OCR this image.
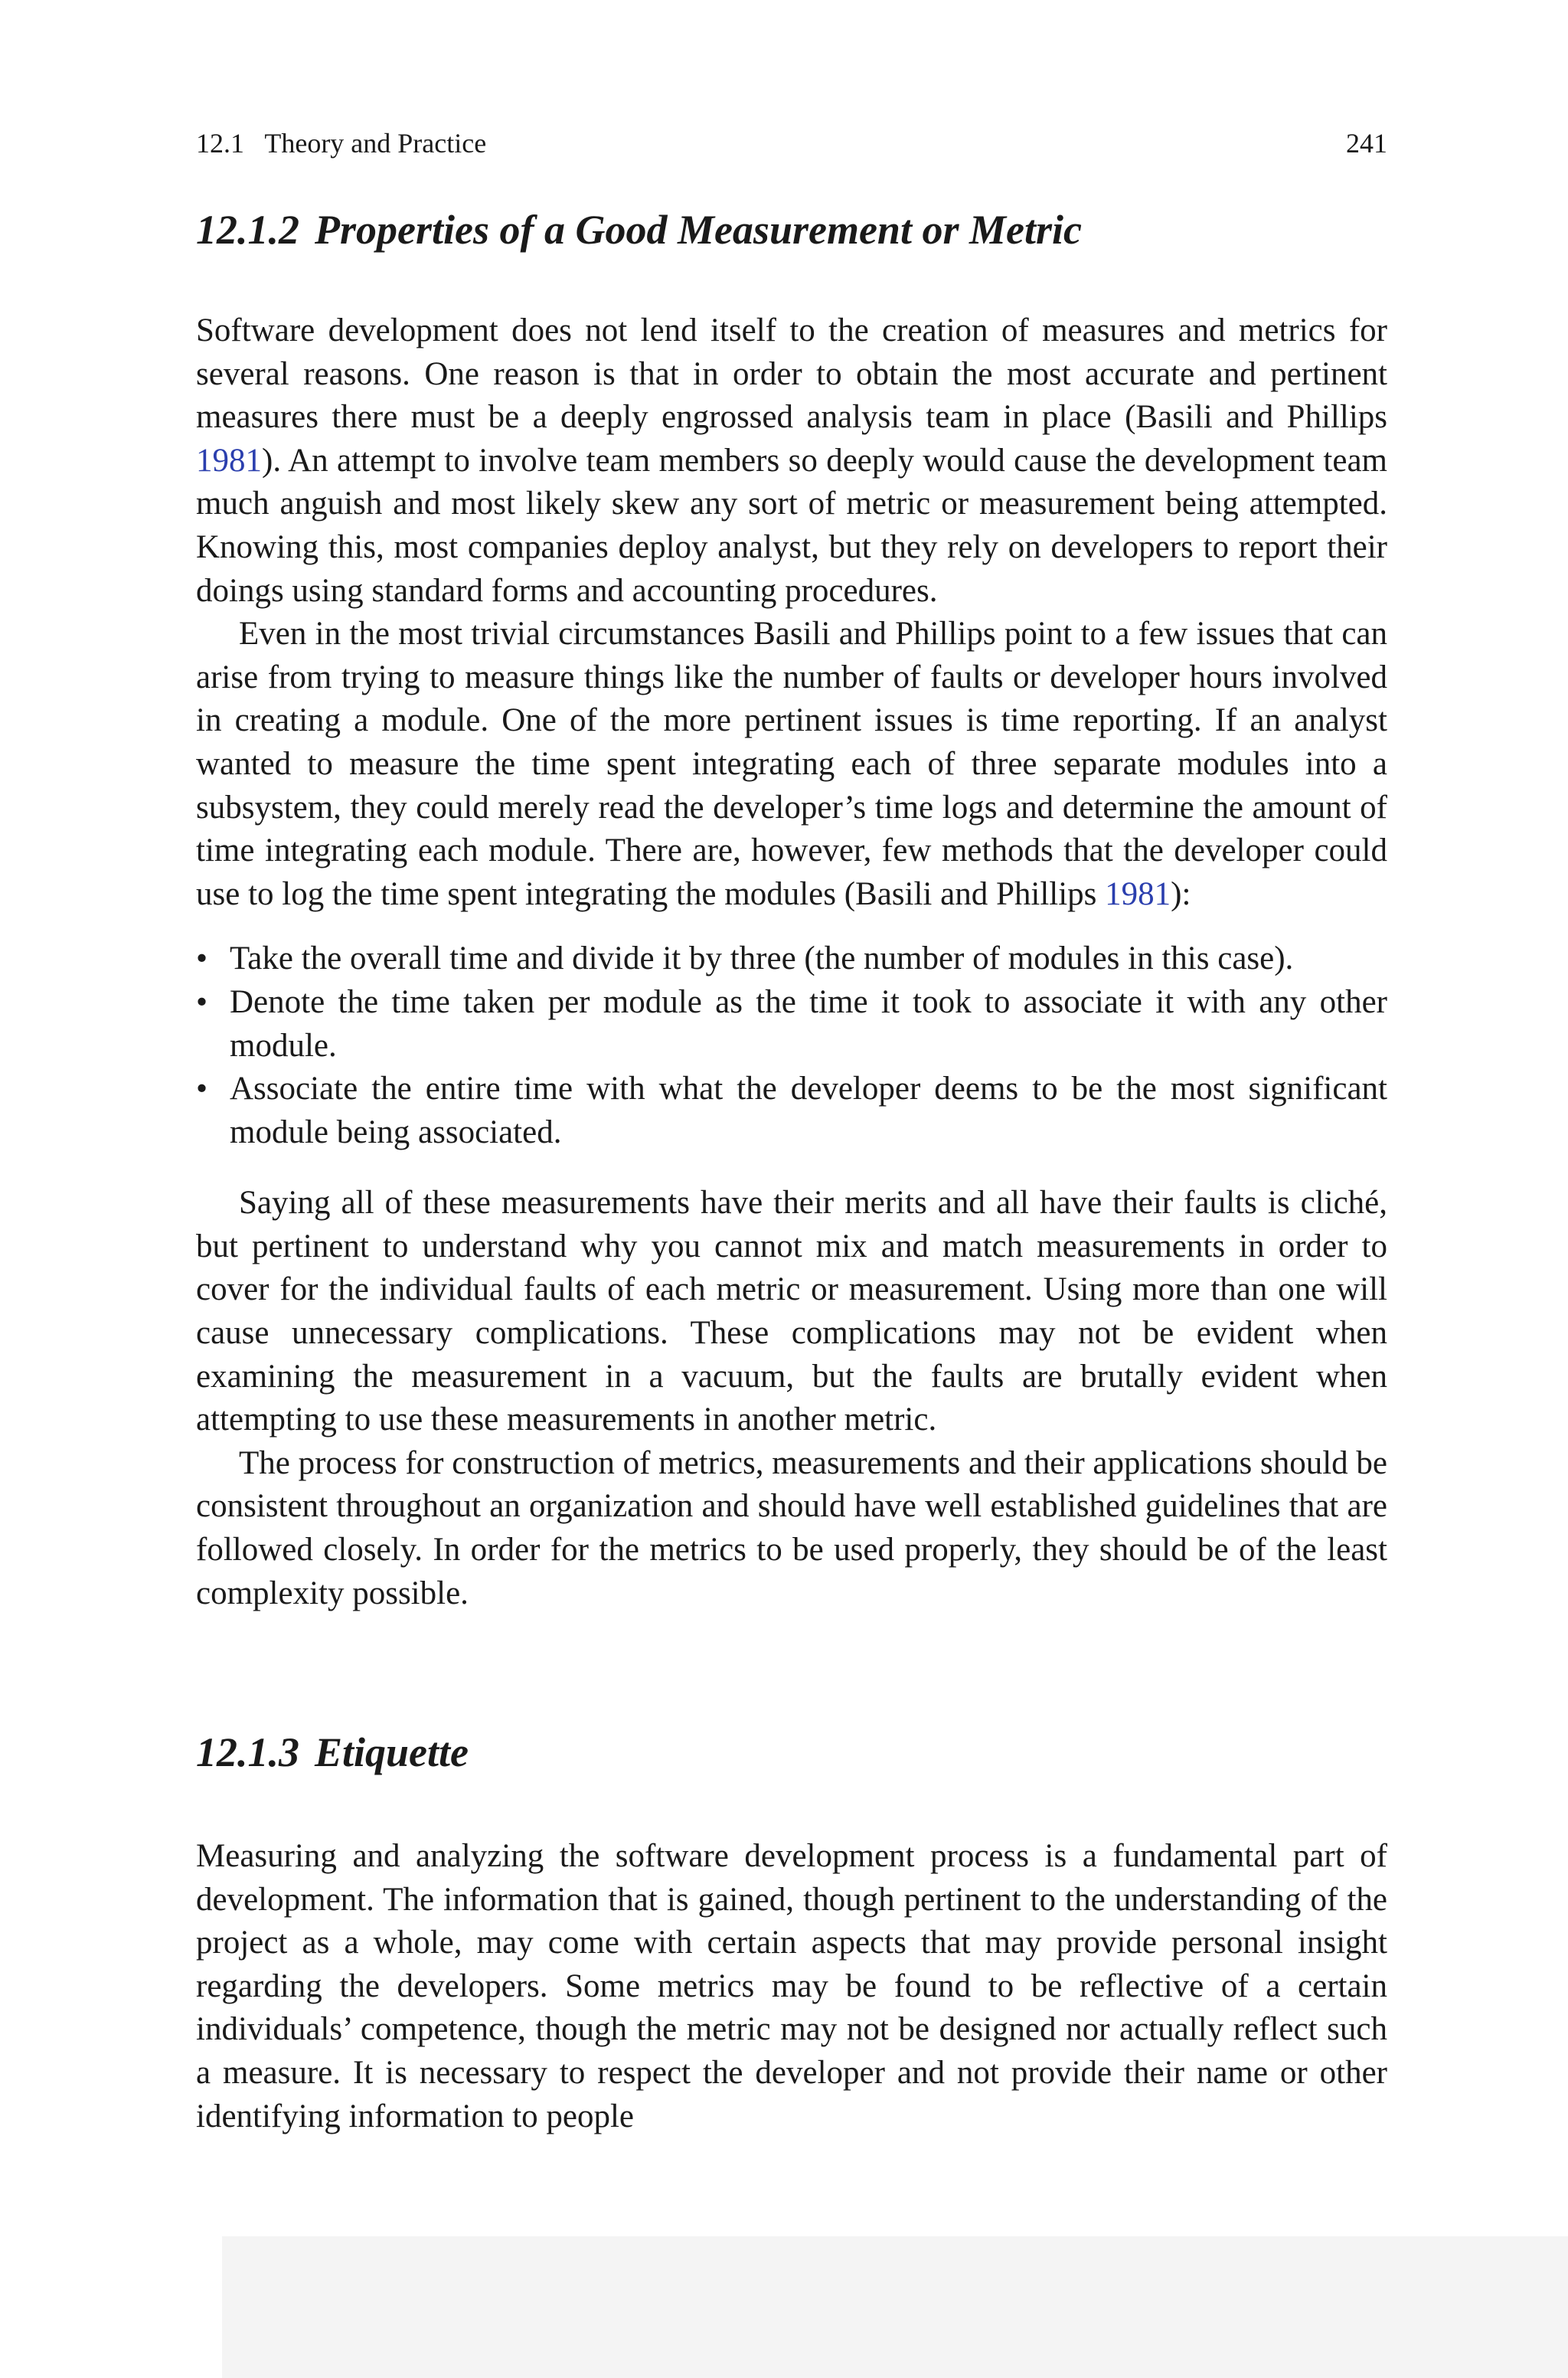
12.1   Theory and Practice	241
12.1.2 Properties of a Good Measurement or Metric

Software development does not lend itself to the creation of measures and metrics for several reasons. One reason is that in order to obtain the most accurate and pertinent measures there must be a deeply engrossed analysis team in place (Basili and Phillips 1981). An attempt to involve team members so deeply would cause the development team much anguish and most likely skew any sort of metric or measurement being attempted. Knowing this, most companies deploy analyst, but they rely on developers to report their doings using standard forms and accounting procedures.

Even in the most trivial circumstances Basili and Phillips point to a few issues that can arise from trying to measure things like the number of faults or developer hours involved in creating a module. One of the more pertinent issues is time reporting. If an analyst wanted to measure the time spent integrating each of three separate modules into a subsystem, they could merely read the developer’s time logs and determine the amount of time integrating each module. There are, however, few methods that the developer could use to log the time spent integrating the modules (Basili and Phillips 1981):

• Take the overall time and divide it by three (the number of modules in this case).
• Denote the time taken per module as the time it took to associate it with any other module.
• Associate the entire time with what the developer deems to be the most significant module being associated.

Saying all of these measurements have their merits and all have their faults is cliché, but pertinent to understand why you cannot mix and match measurements in order to cover for the individual faults of each metric or measurement. Using more than one will cause unnecessary complications. These complications may not be evident when examining the measurement in a vacuum, but the faults are brutally evident when attempting to use these measurements in another metric.

The process for construction of metrics, measurements and their applications should be consistent throughout an organization and should have well established guidelines that are followed closely. In order for the metrics to be used properly, they should be of the least complexity possible.

12.1.3 Etiquette

Measuring and analyzing the software development process is a fundamental part of development. The information that is gained, though pertinent to the understanding of the project as a whole, may come with certain aspects that may provide personal insight regarding the developers. Some metrics may be found to be reflective of a certain individuals’ competence, though the metric may not be designed nor actually reflect such a measure. It is necessary to respect the developer and not provide their name or other identifying information to people
